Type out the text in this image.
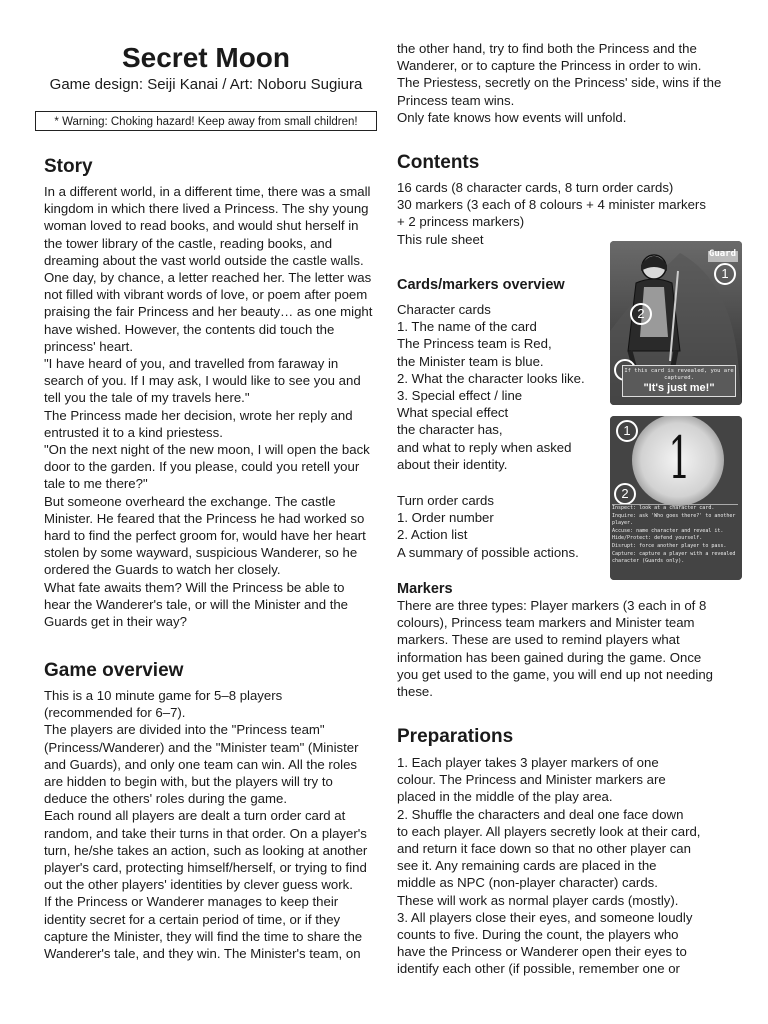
Secret Moon
Game design: Seiji Kanai / Art: Noboru Sugiura
* Warning: Choking hazard! Keep away from small children!
Story
In a different world, in a different time, there was a small
kingdom in which there lived a Princess. The shy young
woman loved to read books, and would shut herself in
the tower library of the castle, reading books, and
dreaming about the vast world outside the castle walls.
One day, by chance, a letter reached her. The letter was
not filled with vibrant words of love, or poem after poem
praising the fair Princess and her beauty… as one might
have wished. However, the contents did touch the
princess' heart.
"I have heard of you, and travelled from faraway in
search of you. If I may ask, I would like to see you and
tell you the tale of my travels here."
The Princess made her decision, wrote her reply and
entrusted it to a kind priestess.
"On the next night of the new moon, I will open the back
door to the garden. If you please, could you retell your
tale to me there?"
But someone overheard the exchange. The castle
Minister. He feared that the Princess he had worked so
hard to find the perfect groom for, would have her heart
stolen by some wayward, suspicious Wanderer, so he
ordered the Guards to watch her closely.
What fate awaits them? Will the Princess be able to
hear the Wanderer's tale, or will the Minister and the
Guards get in their way?
Game overview
This is a 10 minute game for 5–8 players
(recommended for 6–7).
The players are divided into the "Princess team"
(Princess/Wanderer) and the "Minister team" (Minister
and Guards), and only one team can win. All the roles
are hidden to begin with, but the players will try to
deduce the others' roles during the game.
Each round all players are dealt a turn order card at
random, and take their turns in that order. On a player's
turn, he/she takes an action, such as looking at another
player's card, protecting himself/herself, or trying to find
out the other players' identities by clever guess work.
If the Princess or Wanderer manages to keep their
identity secret for a certain period of time, or if they
capture the Minister, they will find the time to share the
Wanderer's tale, and they win. The Minister's team, on
the other hand, try to find both the Princess and the
Wanderer, or to capture the Princess in order to win.
The Priestess, secretly on the Princess' side, wins if the
Princess team wins.
Only fate knows how events will unfold.
Contents
16 cards (8 character cards, 8 turn order cards)
30 markers (3 each of 8 colours + 4 minister markers
+ 2 princess markers)
This rule sheet
Cards/markers overview
Character cards
1. The name of the card
The Princess team is Red,
the Minister team is blue.
2. What the character looks like.
3. Special effect / line
What special effect
the character has,
and what to reply when asked
about their identity.
Turn order cards
1. Order number
2. Action list
A summary of possible actions.
Markers
There are three types: Player markers (3 each in of 8
colours), Princess team markers and Minister team
markers. These are used to remind players what
information has been gained during the game. Once
you get used to the game, you will end up not needing
these.
Preparations
1. Each player takes 3 player markers of one
colour. The Princess and Minister markers are
placed in the middle of the play area.
2. Shuffle the characters and deal one face down
to each player. All players secretly look at their card,
and return it face down so that no other player can
see it. Any remaining cards are placed in the
middle as NPC (non-player character) cards.
These will work as normal player cards (mostly).
3. All players close their eyes, and someone loudly
counts to five. During the count, the players who
have the Princess or Wanderer open their eyes to
identify each other (if possible, remember one or
Guard
1
2
If this card is revealed, you are captured.
"It's just me!"
1
1
2
Inspect: look at a character card.
Inquire: ask 'Who goes there?' to another player.
Accuse: name character and reveal it.
Hide/Protect: defend yourself.
Disrupt: force another player to pass.
Capture: capture a player with a revealed
character (Guards only).
